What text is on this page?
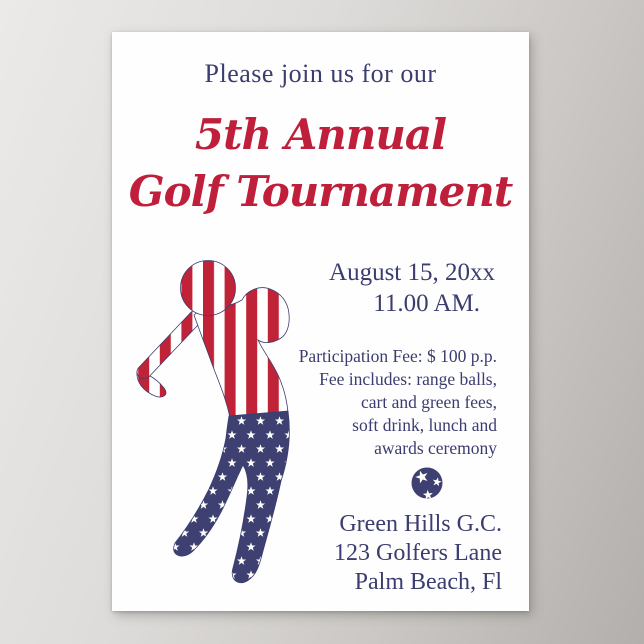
Please join us for our
5th Annual
Golf Tournament
August 15, 20xx
11.00 AM.
Participation Fee: $ 100 p.p.
Fee includes: range balls,
cart and green fees,
soft drink, lunch and
awards ceremony
Green Hills G.C.
123 Golfers Lane
Palm Beach, Fl
